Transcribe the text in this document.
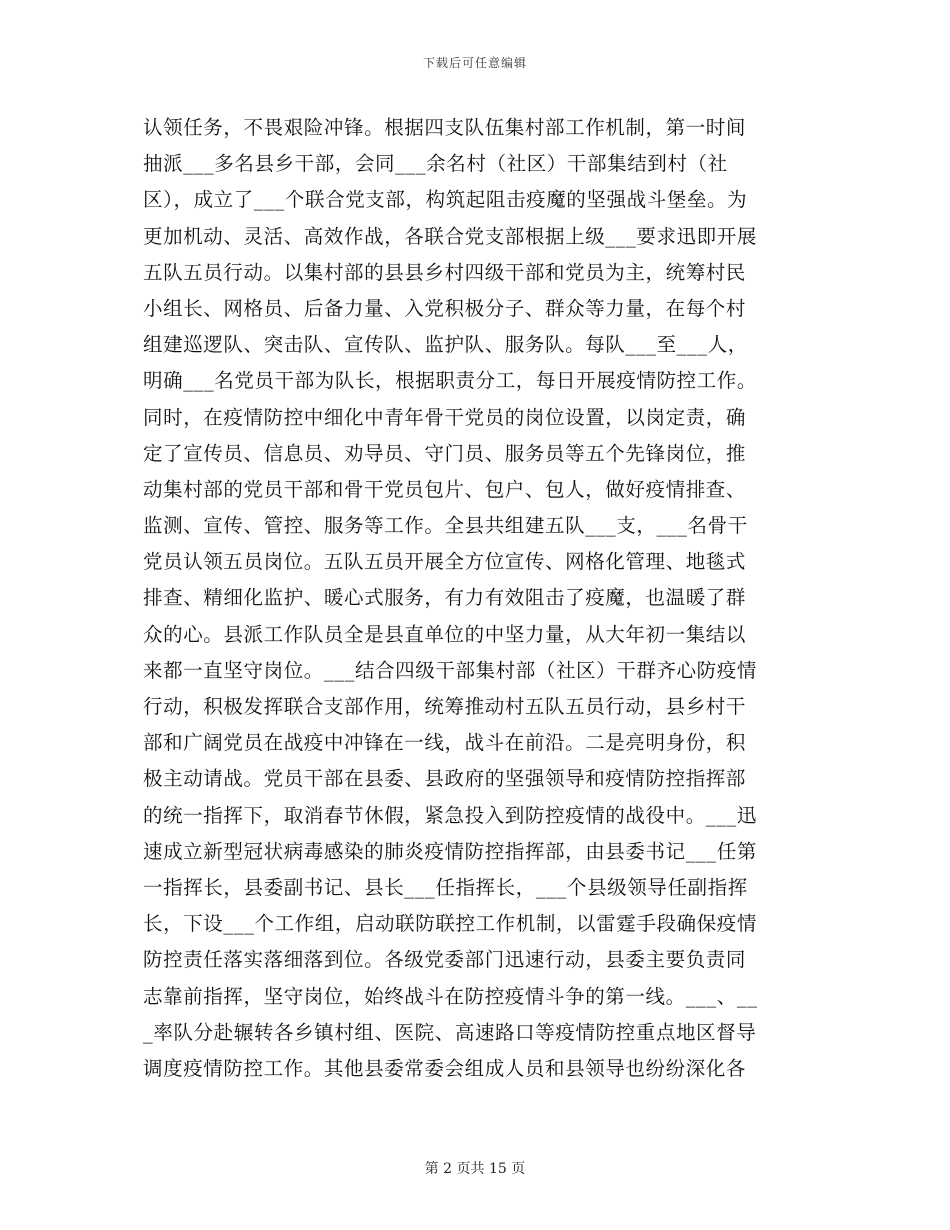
下载后可任意编辑
认领任务，不畏艰险冲锋。根据四支队伍集村部工作机制，第一时间
抽派___多名县乡干部，会同___余名村（社区）干部集结到村（社
区），成立了___个联合党支部，构筑起阻击疫魔的坚强战斗堡垒。为
更加机动、灵活、高效作战，各联合党支部根据上级___要求迅即开展
五队五员行动。以集村部的县县乡村四级干部和党员为主，统筹村民
小组长、网格员、后备力量、入党积极分子、群众等力量，在每个村
组建巡逻队、突击队、宣传队、监护队、服务队。每队___至___人，
明确___名党员干部为队长，根据职责分工，每日开展疫情防控工作。
同时，在疫情防控中细化中青年骨干党员的岗位设置，以岗定责，确
定了宣传员、信息员、劝导员、守门员、服务员等五个先锋岗位，推
动集村部的党员干部和骨干党员包片、包户、包人，做好疫情排查、
监测、宣传、管控、服务等工作。全县共组建五队___支，___名骨干
党员认领五员岗位。五队五员开展全方位宣传、网格化管理、地毯式
排查、精细化监护、暖心式服务，有力有效阻击了疫魔，也温暖了群
众的心。县派工作队员全是县直单位的中坚力量，从大年初一集结以
来都一直坚守岗位。___结合四级干部集村部（社区）干群齐心防疫情
行动，积极发挥联合支部作用，统筹推动村五队五员行动，县乡村干
部和广阔党员在战疫中冲锋在一线，战斗在前沿。二是亮明身份，积
极主动请战。党员干部在县委、县政府的坚强领导和疫情防控指挥部
的统一指挥下，取消春节休假，紧急投入到防控疫情的战役中。___迅
速成立新型冠状病毒感染的肺炎疫情防控指挥部，由县委书记___任第
一指挥长，县委副书记、县长___任指挥长，___个县级领导任副指挥
长，下设___个工作组，启动联防联控工作机制，以雷霆手段确保疫情
防控责任落实落细落到位。各级党委部门迅速行动，县委主要负责同
志靠前指挥，坚守岗位，始终战斗在防控疫情斗争的第一线。___、__
_率队分赴辗转各乡镇村组、医院、高速路口等疫情防控重点地区督导
调度疫情防控工作。其他县委常委会组成人员和县领导也纷纷深化各
第 2 页共 15 页
